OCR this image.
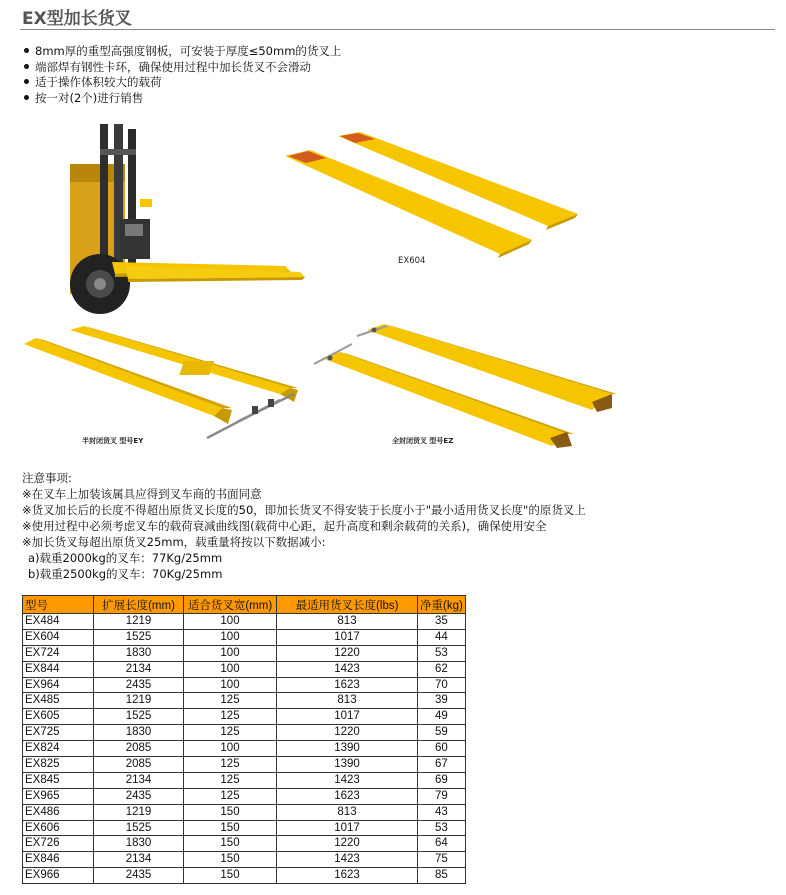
EX型加长货叉
8mm厚的重型高强度钢板，可安装于厚度≤50mm的货叉上
端部焊有钢性卡环，确保使用过程中加长货叉不会滑动
适于操作体积较大的载荷
按一对(2个)进行销售
EX604
半封闭货叉 型号EY	全封闭货叉 型号EZ
注意事项:
※在叉车上加装该属具应得到叉车商的书面同意
※货叉加长后的长度不得超出原货叉长度的50，即加长货叉不得安装于长度小于"最小适用货叉长度"的原货叉上
※使用过程中必须考虑叉车的载荷衰减曲线图(载荷中心距，起升高度和剩余载荷的关系)，确保使用安全
※加长货叉每超出原货叉25mm，载重量将按以下数据减小:
a)载重2000kg的叉车：77Kg/25mm
b)载重2500kg的叉车：70Kg/25mm
型号	扩展长度(mm)	适合货叉宽(mm)	最适用货叉长度(lbs)	净重(kg)
EX484	1219	100	813	35
EX604	1525	100	1017	44
EX724	1830	100	1220	53
EX844	2134	100	1423	62
EX964	2435	100	1623	70
EX485	1219	125	813	39
EX605	1525	125	1017	49
EX725	1830	125	1220	59
EX824	2085	100	1390	60
EX825	2085	125	1390	67
EX845	2134	125	1423	69
EX965	2435	125	1623	79
EX486	1219	150	813	43
EX606	1525	150	1017	53
EX726	1830	150	1220	64
EX846	2134	150	1423	75
EX966	2435	150	1623	85
